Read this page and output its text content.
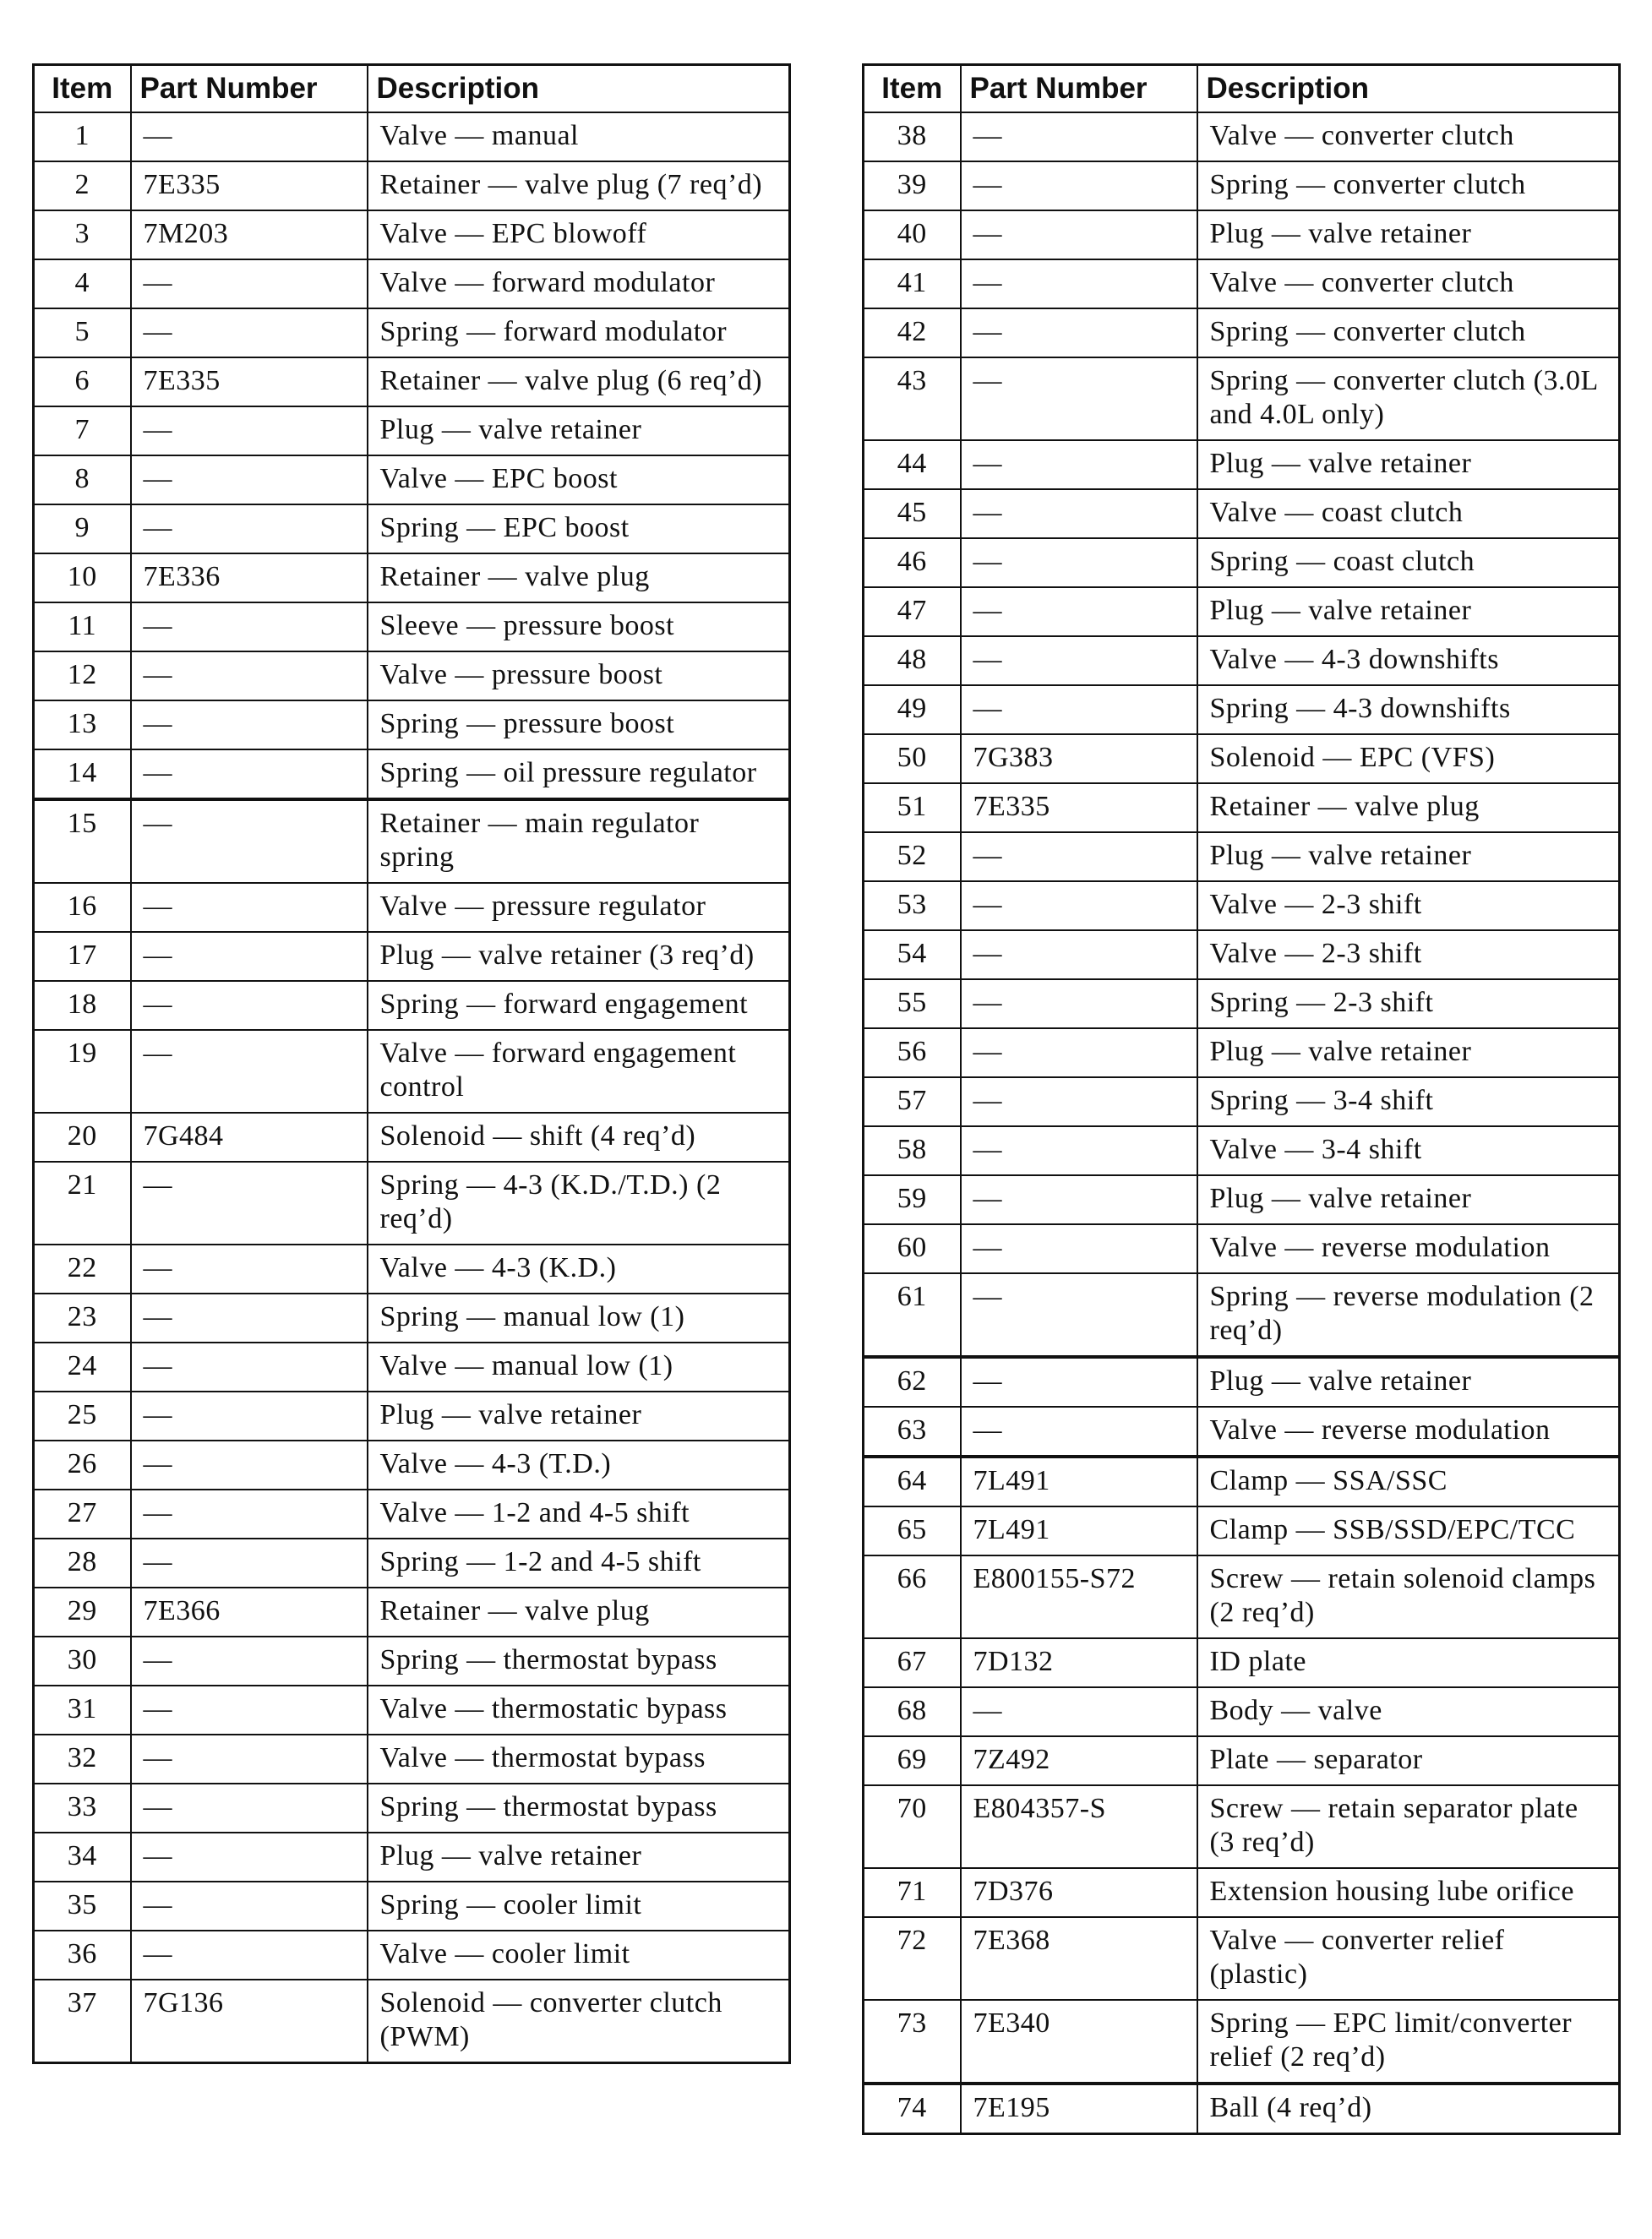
Item	Part Number	Description
1	—	Valve — manual
2	7E335	Retainer — valve plug (7 req’d)
3	7M203	Valve — EPC blowoff
4	—	Valve — forward modulator
5	—	Spring — forward modulator
6	7E335	Retainer — valve plug (6 req’d)
7	—	Plug — valve retainer
8	—	Valve — EPC boost
9	—	Spring — EPC boost
10	7E336	Retainer — valve plug
11	—	Sleeve — pressure boost
12	—	Valve — pressure boost
13	—	Spring — pressure boost
14	—	Spring — oil pressure regulator
15	—	Retainer — main regulator spring
16	—	Valve — pressure regulator
17	—	Plug — valve retainer (3 req’d)
18	—	Spring — forward engagement
19	—	Valve — forward engagement control
20	7G484	Solenoid — shift (4 req’d)
21	—	Spring — 4-3 (K.D./T.D.) (2 req’d)
22	—	Valve — 4-3 (K.D.)
23	—	Spring — manual low (1)
24	—	Valve — manual low (1)
25	—	Plug — valve retainer
26	—	Valve — 4-3 (T.D.)
27	—	Valve — 1-2 and 4-5 shift
28	—	Spring — 1-2 and 4-5 shift
29	7E366	Retainer — valve plug
30	—	Spring — thermostat bypass
31	—	Valve — thermostatic bypass
32	—	Valve — thermostat bypass
33	—	Spring — thermostat bypass
34	—	Plug — valve retainer
35	—	Spring — cooler limit
36	—	Valve — cooler limit
37	7G136	Solenoid — converter clutch (PWM)
Item	Part Number	Description
38	—	Valve — converter clutch
39	—	Spring — converter clutch
40	—	Plug — valve retainer
41	—	Valve — converter clutch
42	—	Spring — converter clutch
43	—	Spring — converter clutch (3.0L and 4.0L only)
44	—	Plug — valve retainer
45	—	Valve — coast clutch
46	—	Spring — coast clutch
47	—	Plug — valve retainer
48	—	Valve — 4-3 downshifts
49	—	Spring — 4-3 downshifts
50	7G383	Solenoid — EPC (VFS)
51	7E335	Retainer — valve plug
52	—	Plug — valve retainer
53	—	Valve — 2-3 shift
54	—	Valve — 2-3 shift
55	—	Spring — 2-3 shift
56	—	Plug — valve retainer
57	—	Spring — 3-4 shift
58	—	Valve — 3-4 shift
59	—	Plug — valve retainer
60	—	Valve — reverse modulation
61	—	Spring — reverse modulation (2 req’d)
62	—	Plug — valve retainer
63	—	Valve — reverse modulation
64	7L491	Clamp — SSA/SSC
65	7L491	Clamp — SSB/SSD/EPC/TCC
66	E800155-S72	Screw — retain solenoid clamps (2 req’d)
67	7D132	ID plate
68	—	Body — valve
69	7Z492	Plate — separator
70	E804357-S	Screw — retain separator plate (3 req’d)
71	7D376	Extension housing lube orifice
72	7E368	Valve — converter relief (plastic)
73	7E340	Spring — EPC limit/converter relief (2 req’d)
74	7E195	Ball (4 req’d)
